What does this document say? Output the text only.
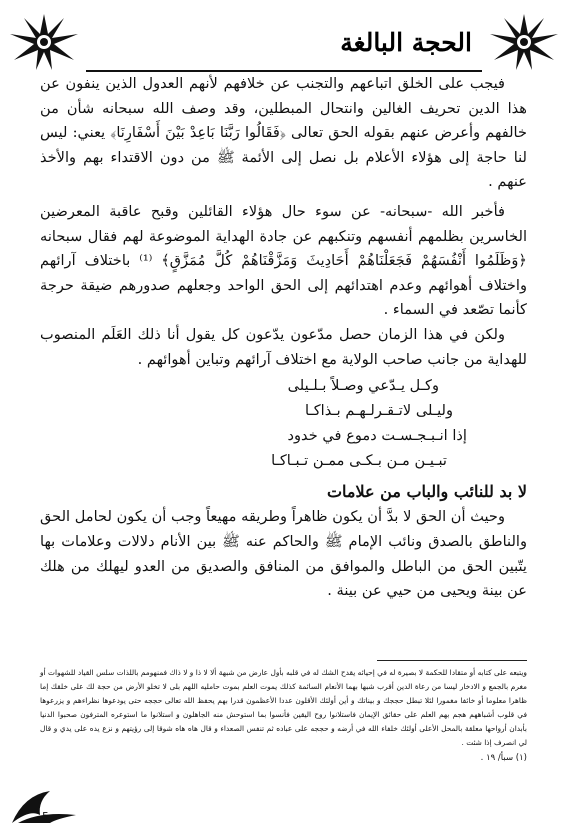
الحجة البالغة

فيجب على الخلق اتباعهم والتجنب عن خلافهم لأنهم العدول الذين ينفون عن هذا الدين تحريف الغالين وانتحال المبطلين، وقد وصف الله سبحانه شأن من خالفهم وأعرض عنهم بقوله الحق تعالى ﴿فَقَالُوا رَبَّنَا بَاعِدْ بَيْنَ أَسْفَارِنَا﴾ يعني: ليس لنا حاجة إلى هؤلاء الأعلام بل نصل إلى الأئمة ﷺ من دون الاقتداء بهم والأخذ عنهم .

فأخبر الله -سبحانه- عن سوء حال هؤلاء القائلين وقبح عاقبة المعرضين الخاسرين بظلمهم أنفسهم وتنكبهم عن جادة الهداية الموضوعة لهم فقال سبحانه ﴿وَظَلَمُوا أَنْفُسَهُمْ فَجَعَلْنَاهُمْ أَحَادِيثَ وَمَزَّقْنَاهُمْ كُلَّ مُمَزَّقٍ﴾ ⁽¹⁾ باختلاف آرائهم واختلاف أهوائهم وعدم اهتدائهم إلى الحق الواحد وجعلهم صدورهم ضيقة حرجة كأنما تصّعد في السماء .

ولكن في هذا الزمان حصل مدّعون يدّعون كل يقول أنا ذلك العَلَم المنصوب للهداية من جانب صاحب الولاية مع اختلاف آرائهم وتباين أهوائهم .

وكـل يـدّعي وصـلاً بـلـيلى
وليـلى لاتـقـرلـهـم بـذاكـا
إذا انـبـجـسـت دموع في خدود
تبـيـن مـن بـكـى ممـن تـبـاكـا
لا بد للنائب والباب من علامات

وحيث أن الحق لا بدَّ أن يكون ظاهراً وطريقه مهيعاً وجب أن يكون لحامل الحق والناطق بالصدق ونائب الإمام ﷺ والحاكم عنه ﷺ بين الأنام دلالات وعلامات بها يتّبين الحق من الباطل والموافق من المنافق والصديق من العدو ليهلك من هلك عن بينة ويحيى من حيي عن بينة .

ويتبعه على كتابه أو متقادا للحكمة لا بصيرة له في إحيائه يقدح الشك له في قلبه بأول عارض من شبهة ألا لا ذا و لا ذاك فمنهومم باللذات سلس القياد للشهوات أو مغرم بالجمع و الادخار ليسا من رعاة الدين أقرب شبها بهما الأنعام السائمة كذلك يموت العلم بموت حامليه اللهم بلى لا تخلو الأرض من حجة لك على خلقك إما ظاهرا معلوما أو خائفا مغمورا لئلا تبطل حججك و بيناتك و أين أولئك الأقلون عددا الأعظمون قدرا بهم يحفظ الله تعالى حججه حتى يودعوها نظراءهم و يزرعوها في قلوب أشباههم هجم بهم العلم على حقائق الإيمان فاستلانوا روح اليقين فأنسوا بما استوحش منه الجاهلون و استلانوا ما استوعره المترفون صحبوا الدنيا بأبدان أرواحها معلقة بالمحل الأعلى أولئك خلفاء الله في أرضه و حججه على عباده ثم تنفس الصعداء و قال هاه هاه شوقا إلى رؤيتهم و نزع يده على يدي و قال لي انصرف إذا شئت .

(١) سبأ/ ١٩ .

5
